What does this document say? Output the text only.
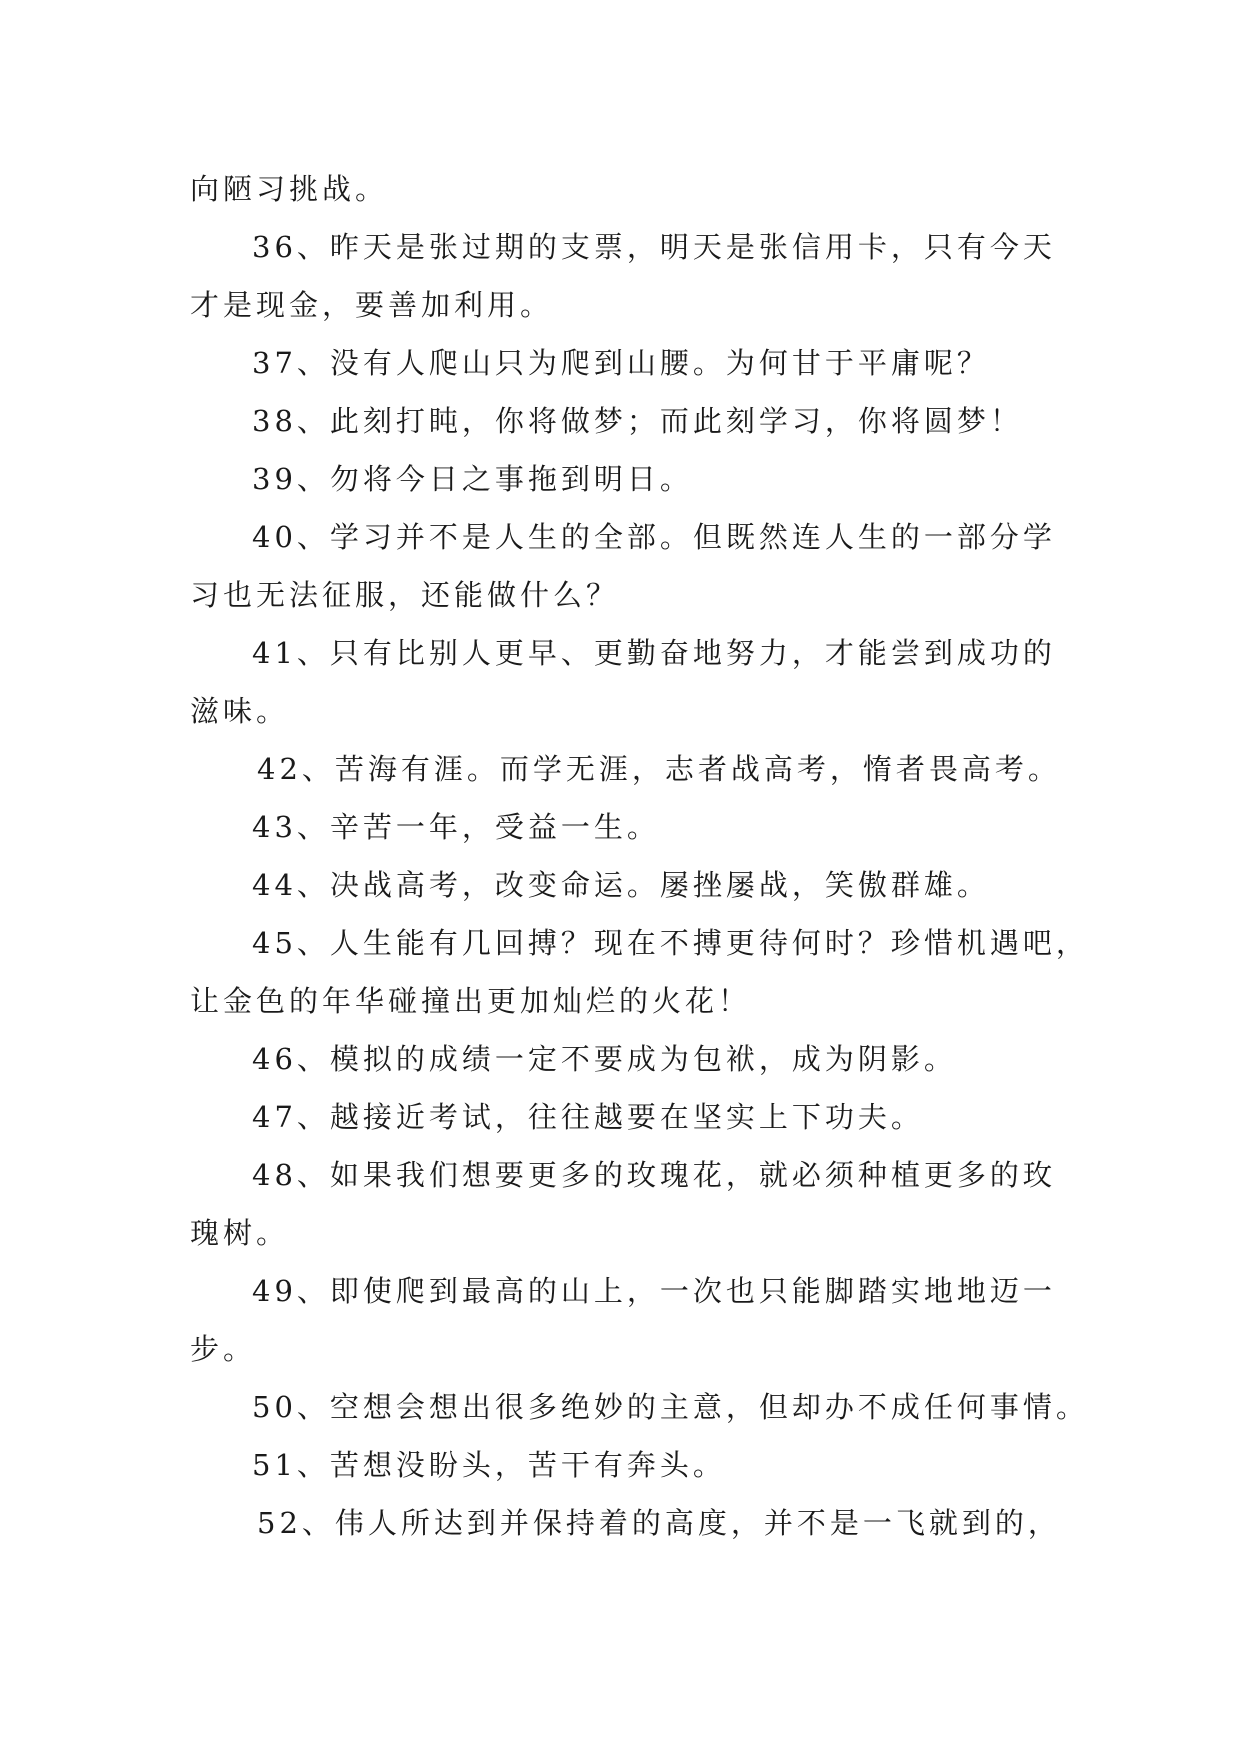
向陋习挑战。
36、昨天是张过期的支票，明天是张信用卡，只有今天
才是现金，要善加利用。
37、没有人爬山只为爬到山腰。为何甘于平庸呢？
38、此刻打盹，你将做梦；而此刻学习，你将圆梦！
39、勿将今日之事拖到明日。
40、学习并不是人生的全部。但既然连人生的一部分学
习也无法征服，还能做什么？
41、只有比别人更早、更勤奋地努力，才能尝到成功的
滋味。
42、苦海有涯。而学无涯，志者战高考，惰者畏高考。
43、辛苦一年，受益一生。
44、决战高考，改变命运。屡挫屡战，笑傲群雄。
45、人生能有几回搏？现在不搏更待何时？珍惜机遇吧，
让金色的年华碰撞出更加灿烂的火花！
46、模拟的成绩一定不要成为包袱，成为阴影。
47、越接近考试，往往越要在坚实上下功夫。
48、如果我们想要更多的玫瑰花，就必须种植更多的玫
瑰树。
49、即使爬到最高的山上，一次也只能脚踏实地地迈一
步。
50、空想会想出很多绝妙的主意，但却办不成任何事情。
51、苦想没盼头，苦干有奔头。
52、伟人所达到并保持着的高度，并不是一飞就到的，
